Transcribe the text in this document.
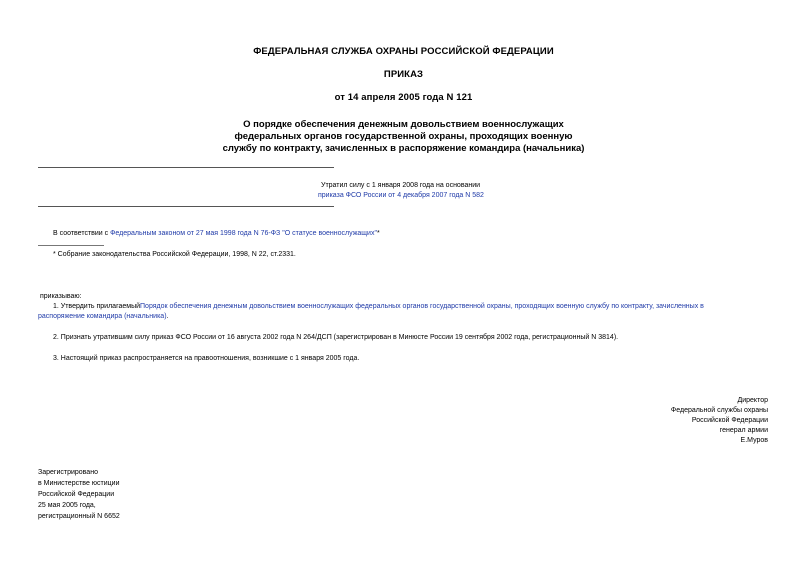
ФЕДЕРАЛЬНАЯ СЛУЖБА ОХРАНЫ РОССИЙСКОЙ ФЕДЕРАЦИИ
ПРИКАЗ
от 14 апреля 2005 года N 121
О порядке обеспечения денежным довольствием военнослужащих
федеральных органов государственной охраны, проходящих военную
службу по контракту, зачисленных в распоряжение командира (начальника)
Утратил силу с 1 января 2008 года на основании
приказа ФСО России от 4 декабря 2007 года N 582
В соответствии с Федеральным законом от 27 мая 1998 года N 76-ФЗ "О статусе военнослужащих"*
* Собрание законодательства Российской Федерации, 1998, N 22, ст.2331.
приказываю:
1. Утвердить прилагаемыйПорядок обеспечения денежным довольствием военнослужащих федеральных органов государственной охраны, проходящих военную службу по контракту, зачисленных в
распоряжение командира (начальника).
2. Признать утратившим силу приказ ФСО России от 16 августа 2002 года N 264/ДСП (зарегистрирован в Минюсте России 19 сентября 2002 года, регистрационный N 3814).
3. Настоящий приказ распространяется на правоотношения, возникшие с 1 января 2005 года.
Директор
Федеральной службы охраны
Российской Федерации
генерал армии
Е.Муров
Зарегистрировано
в Министерстве юстиции
Российской Федерации
25 мая 2005 года,
регистрационный N 6652
